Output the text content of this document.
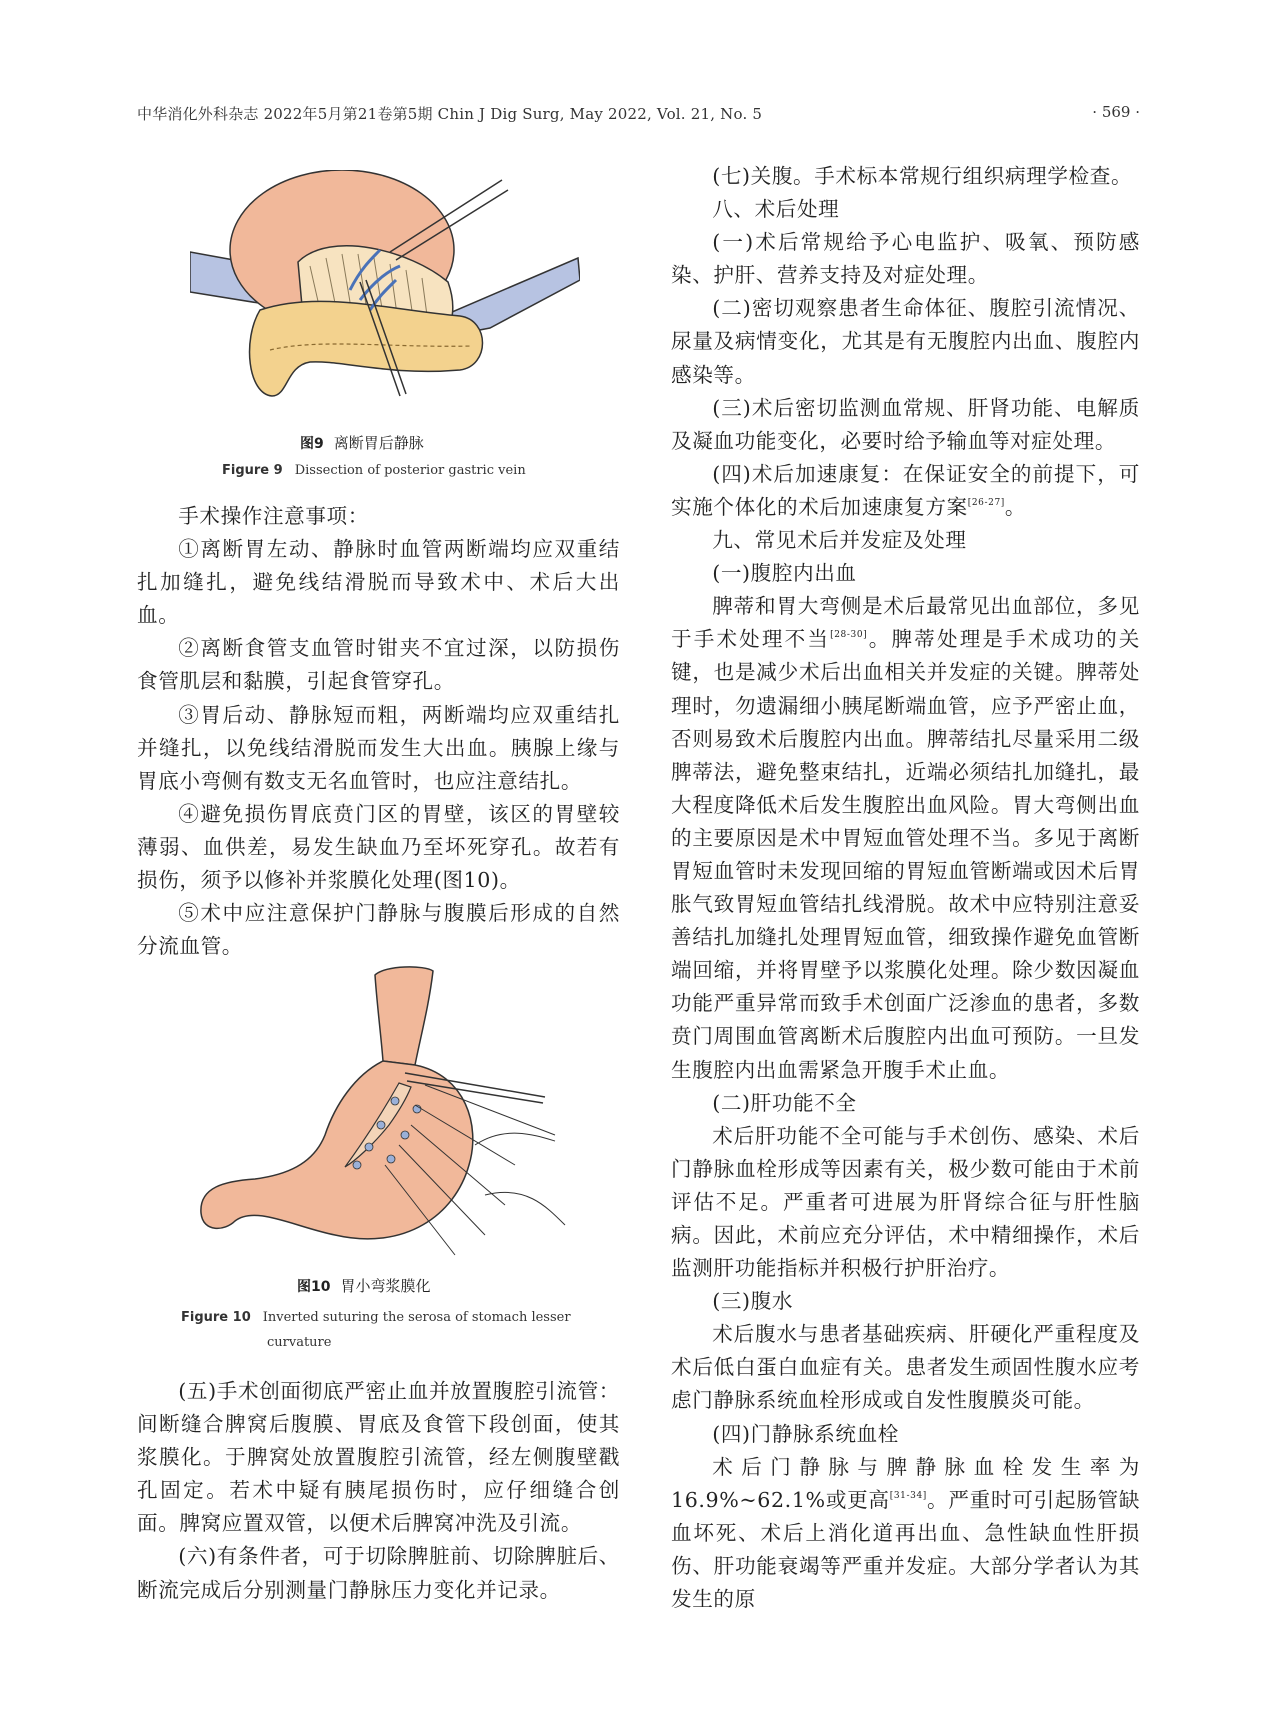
中华消化外科杂志 2022年5月第21卷第5期 Chin J Dig Surg, May 2022, Vol. 21, No. 5	· 569 ·
图9 离断胃后静脉
Figure 9 Dissection of posterior gastric vein

手术操作注意事项：

①离断胃左动、静脉时血管两断端均应双重结扎加缝扎，避免线结滑脱而导致术中、术后大出血。

②离断食管支血管时钳夹不宜过深，以防损伤食管肌层和黏膜，引起食管穿孔。

③胃后动、静脉短而粗，两断端均应双重结扎并缝扎，以免线结滑脱而发生大出血。胰腺上缘与胃底小弯侧有数支无名血管时，也应注意结扎。

④避免损伤胃底贲门区的胃壁，该区的胃壁较薄弱、血供差，易发生缺血乃至坏死穿孔。故若有损伤，须予以修补并浆膜化处理(图10)。

⑤术中应注意保护门静脉与腹膜后形成的自然分流血管。

图10 胃小弯浆膜化
Figure 10 Inverted suturing the serosa of stomach lesser
curvature

(五)手术创面彻底严密止血并放置腹腔引流管：间断缝合脾窝后腹膜、胃底及食管下段创面，使其浆膜化。于脾窝处放置腹腔引流管，经左侧腹壁戳孔固定。若术中疑有胰尾损伤时，应仔细缝合创面。脾窝应置双管，以便术后脾窝冲洗及引流。

(六)有条件者，可于切除脾脏前、切除脾脏后、断流完成后分别测量门静脉压力变化并记录。

(七)关腹。手术标本常规行组织病理学检查。

八、术后处理

(一)术后常规给予心电监护、吸氧、预防感染、护肝、营养支持及对症处理。

(二)密切观察患者生命体征、腹腔引流情况、尿量及病情变化，尤其是有无腹腔内出血、腹腔内感染等。

(三)术后密切监测血常规、肝肾功能、电解质及凝血功能变化，必要时给予输血等对症处理。

(四)术后加速康复：在保证安全的前提下，可实施个体化的术后加速康复方案[26-27]。

九、常见术后并发症及处理

(一)腹腔内出血

脾蒂和胃大弯侧是术后最常见出血部位，多见于手术处理不当[28-30]。脾蒂处理是手术成功的关键，也是减少术后出血相关并发症的关键。脾蒂处理时，勿遗漏细小胰尾断端血管，应予严密止血，否则易致术后腹腔内出血。脾蒂结扎尽量采用二级脾蒂法，避免整束结扎，近端必须结扎加缝扎，最大程度降低术后发生腹腔出血风险。胃大弯侧出血的主要原因是术中胃短血管处理不当。多见于离断胃短血管时未发现回缩的胃短血管断端或因术后胃胀气致胃短血管结扎线滑脱。故术中应特别注意妥善结扎加缝扎处理胃短血管，细致操作避免血管断端回缩，并将胃壁予以浆膜化处理。除少数因凝血功能严重异常而致手术创面广泛渗血的患者，多数贲门周围血管离断术后腹腔内出血可预防。一旦发生腹腔内出血需紧急开腹手术止血。

(二)肝功能不全

术后肝功能不全可能与手术创伤、感染、术后门静脉血栓形成等因素有关，极少数可能由于术前评估不足。严重者可进展为肝肾综合征与肝性脑病。因此，术前应充分评估，术中精细操作，术后监测肝功能指标并积极行护肝治疗。

(三)腹水

术后腹水与患者基础疾病、肝硬化严重程度及术后低白蛋白血症有关。患者发生顽固性腹水应考虑门静脉系统血栓形成或自发性腹膜炎可能。

(四)门静脉系统血栓

术后门静脉与脾静脉血栓发生率为16.9%~62.1%或更高[31-34]。严重时可引起肠管缺血坏死、术后上消化道再出血、急性缺血性肝损伤、肝功能衰竭等严重并发症。大部分学者认为其发生的原
